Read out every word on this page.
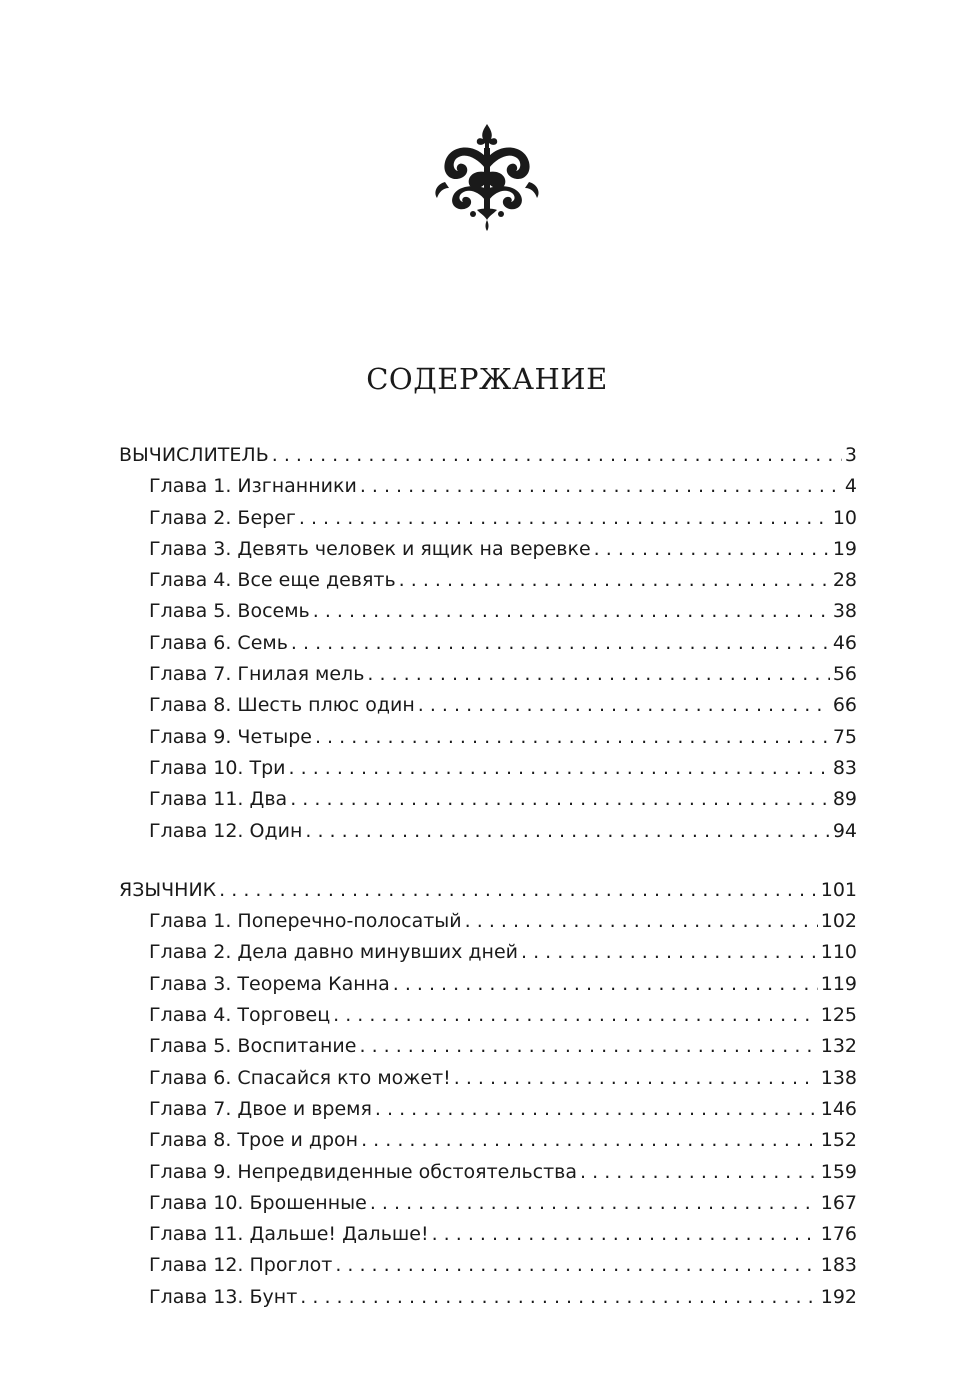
СОДЕРЖАНИЕ
ВЫЧИСЛИТЕЛЬ . . .	3
Глава 1. Изгнанники . . .	4
Глава 2. Берег . . .	10
Глава 3. Девять человек и ящик на веревке . . .	19
Глава 4. Все еще девять . . .	28
Глава 5. Восемь . . .	38
Глава 6. Семь . . .	46
Глава 7. Гнилая мель . . .	56
Глава 8. Шесть плюс один . . .	66
Глава 9. Четыре . . .	75
Глава 10. Три . . .	83
Глава 11. Два . . .	89
Глава 12. Один . . .	94
ЯЗЫЧНИК . . .	101
Глава 1. Поперечно-полосатый . . .	102
Глава 2. Дела давно минувших дней . . .	110
Глава 3. Теорема Канна . . .	119
Глава 4. Торговец . . .	125
Глава 5. Воспитание . . .	132
Глава 6. Спасайся кто может! . . .	138
Глава 7. Двое и время . . .	146
Глава 8. Трое и дрон . . .	152
Глава 9. Непредвиденные обстоятельства . . .	159
Глава 10. Брошенные . . .	167
Глава 11. Дальше! Дальше! . . .	176
Глава 12. Проглот . . .	183
Глава 13. Бунт . . .	192
